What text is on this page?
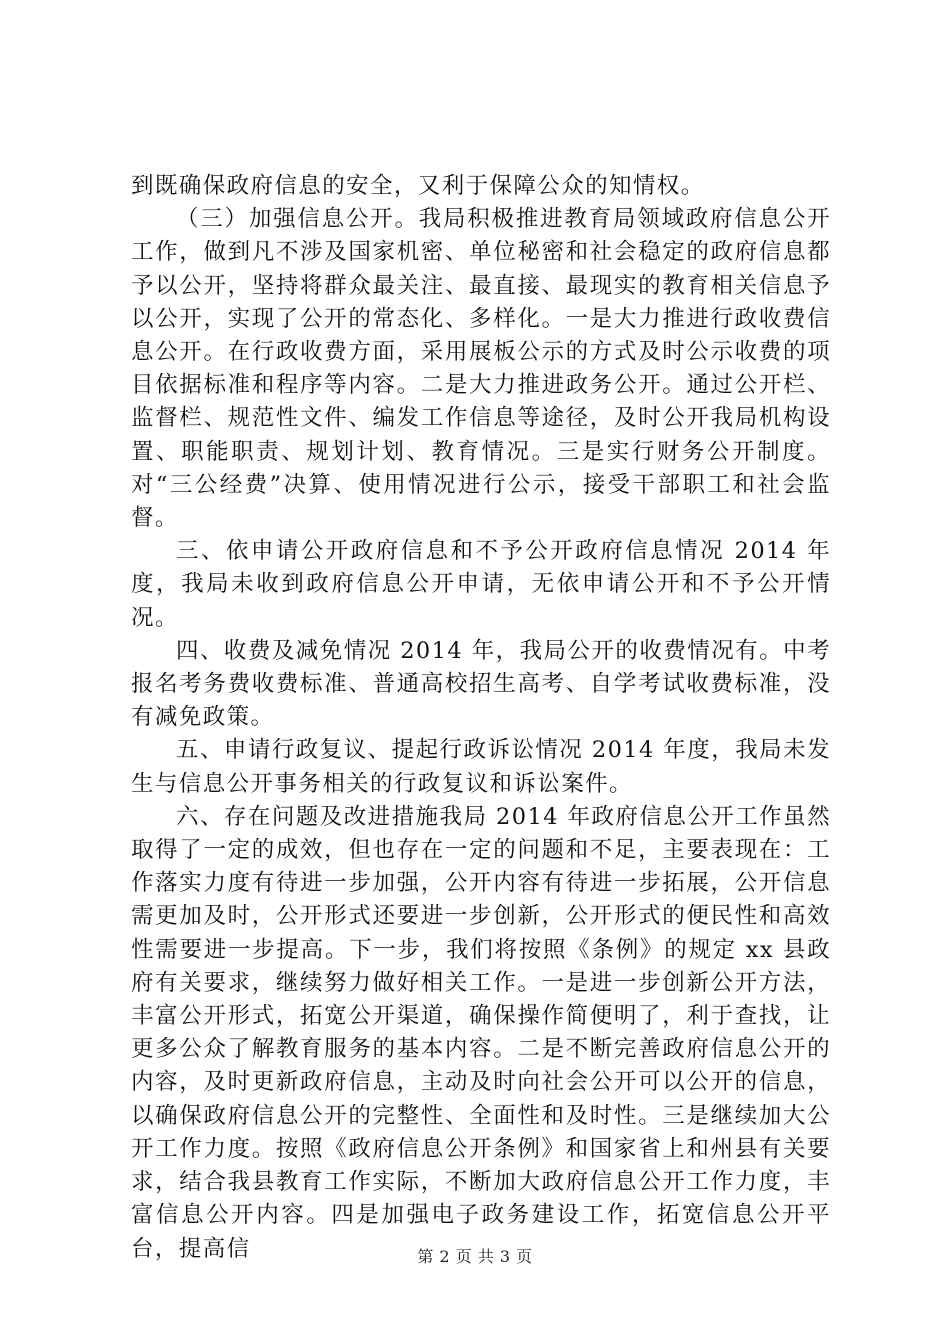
到既确保政府信息的安全，又利于保障公众的知情权。

（三）加强信息公开。我局积极推进教育局领域政府信息公开工作，做到凡不涉及国家机密、单位秘密和社会稳定的政府信息都予以公开，坚持将群众最关注、最直接、最现实的教育相关信息予以公开，实现了公开的常态化、多样化。一是大力推进行政收费信息公开。在行政收费方面，采用展板公示的方式及时公示收费的项目依据标准和程序等内容。二是大力推进政务公开。通过公开栏、监督栏、规范性文件、编发工作信息等途径，及时公开我局机构设置、职能职责、规划计划、教育情况。三是实行财务公开制度。对“三公经费”决算、使用情况进行公示，接受干部职工和社会监督。

三、依申请公开政府信息和不予公开政府信息情况 2014 年度，我局未收到政府信息公开申请，无依申请公开和不予公开情况。

四、收费及减免情况 2014 年，我局公开的收费情况有。中考报名考务费收费标准、普通高校招生高考、自学考试收费标准，没有减免政策。

五、申请行政复议、提起行政诉讼情况 2014 年度，我局未发生与信息公开事务相关的行政复议和诉讼案件。

六、存在问题及改进措施我局 2014 年政府信息公开工作虽然取得了一定的成效，但也存在一定的问题和不足，主要表现在：工作落实力度有待进一步加强，公开内容有待进一步拓展，公开信息需更加及时，公开形式还要进一步创新，公开形式的便民性和高效性需要进一步提高。下一步，我们将按照《条例》的规定 xx 县政府有关要求，继续努力做好相关工作。一是进一步创新公开方法，丰富公开形式，拓宽公开渠道，确保操作简便明了，利于查找，让更多公众了解教育服务的基本内容。二是不断完善政府信息公开的内容，及时更新政府信息，主动及时向社会公开可以公开的信息，以确保政府信息公开的完整性、全面性和及时性。三是继续加大公开工作力度。按照《政府信息公开条例》和国家省上和州县有关要求，结合我县教育工作实际，不断加大政府信息公开工作力度，丰富信息公开内容。四是加强电子政务建设工作，拓宽信息公开平台，提高信	第 2 页 共 3 页
